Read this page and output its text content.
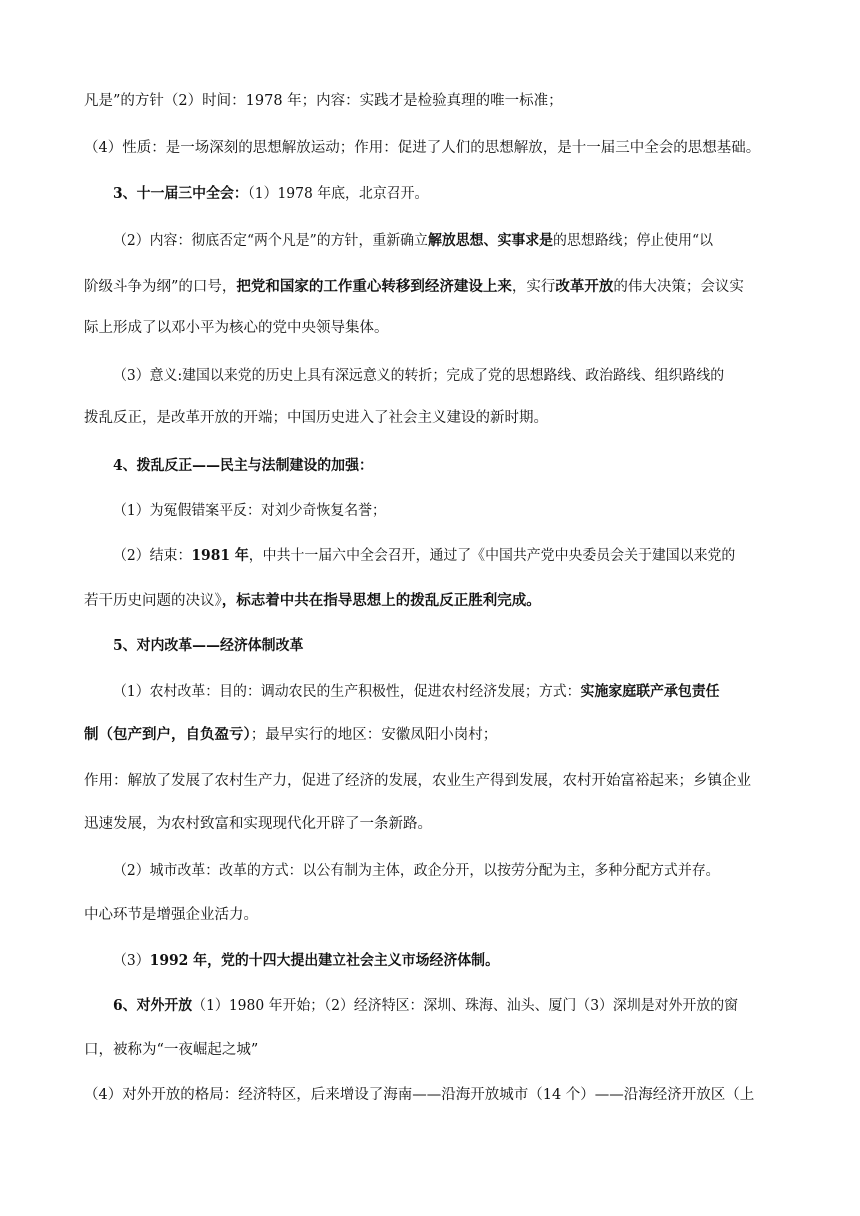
凡是”的方针（2）时间：1978 年；内容：实践才是检验真理的唯一标准；
（4）性质：是一场深刻的思想解放运动；作用：促进了人们的思想解放，是十一届三中全会的思想基础。
3、十一届三中全会：（1）1978 年底，北京召开。
（2）内容：彻底否定“两个凡是”的方针，重新确立解放思想、实事求是的思想路线；停止使用“以
阶级斗争为纲”的口号，把党和国家的工作重心转移到经济建设上来，实行改革开放的伟大决策；会议实
际上形成了以邓小平为核心的党中央领导集体。
（3）意义:建国以来党的历史上具有深远意义的转折；完成了党的思想路线、政治路线、组织路线的
拨乱反正，是改革开放的开端；中国历史进入了社会主义建设的新时期。
4、拨乱反正——民主与法制建设的加强：
（1）为冤假错案平反：对刘少奇恢复名誉；
（2）结束：1981 年，中共十一届六中全会召开，通过了《中国共产党中央委员会关于建国以来党的
若干历史问题的决议》，标志着中共在指导思想上的拨乱反正胜利完成。
5、对内改革——经济体制改革
（1）农村改革：目的：调动农民的生产积极性，促进农村经济发展；方式：实施家庭联产承包责任
制（包产到户，自负盈亏）；最早实行的地区：安徽凤阳小岗村；
作用：解放了发展了农村生产力，促进了经济的发展，农业生产得到发展，农村开始富裕起来；乡镇企业
迅速发展，为农村致富和实现现代化开辟了一条新路。
（2）城市改革：改革的方式：以公有制为主体，政企分开，以按劳分配为主，多种分配方式并存。
中心环节是增强企业活力。
（3）1992 年，党的十四大提出建立社会主义市场经济体制。
6、对外开放（1）1980 年开始；（2）经济特区：深圳、珠海、汕头、厦门（3）深圳是对外开放的窗
口，被称为“一夜崛起之城”
（4）对外开放的格局：经济特区，后来增设了海南——沿海开放城市（14 个）——沿海经济开放区（上
